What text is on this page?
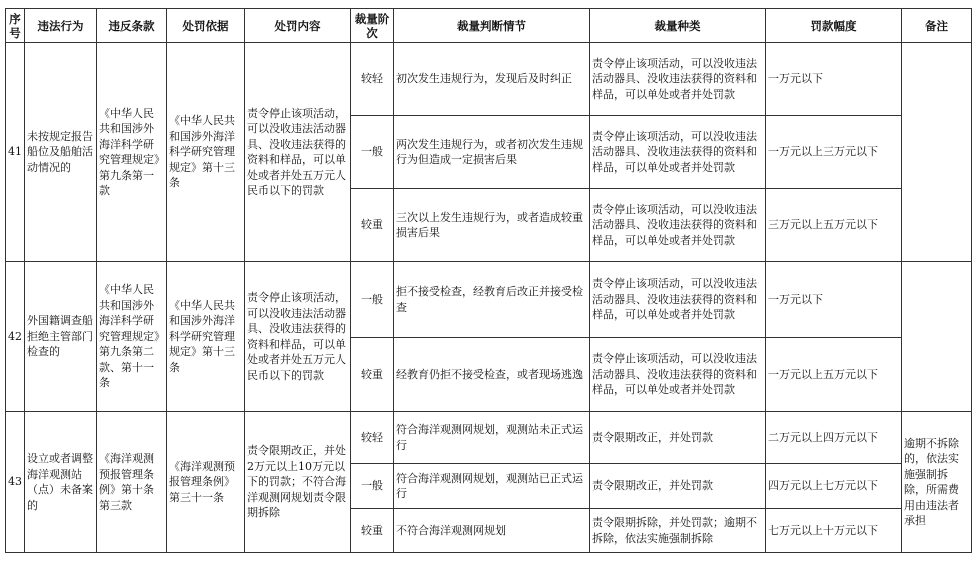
序号	违法行为	违反条款	处罚依据	处罚内容	裁量阶次	裁量判断情节	裁量种类	罚款幅度	备注
41	未按规定报告船位及船舶活动情况的	《中华人民共和国涉外海洋科学研究管理规定》第九条第一款	《中华人民共和国涉外海洋科学研究管理规定》第十三条	责令停止该项活动，可以没收违法活动器具、没收违法获得的资料和样品，可以单处或者并处五万元人民币以下的罚款	较轻	初次发生违规行为，发现后及时纠正	责令停止该项活动，可以没收违法活动器具、没收违法获得的资料和样品，可以单处或者并处罚款	一万元以下	
					一般	两次发生违规行为，或者初次发生违规行为但造成一定损害后果	责令停止该项活动，可以没收违法活动器具、没收违法获得的资料和样品，可以单处或者并处罚款	一万元以上三万元以下	
					较重	三次以上发生违规行为，或者造成较重损害后果	责令停止该项活动，可以没收违法活动器具、没收违法获得的资料和样品，可以单处或者并处罚款	三万元以上五万元以下	
42	外国籍调查船拒绝主管部门检查的	《中华人民共和国涉外海洋科学研究管理规定》第九条第二款、第十一条	《中华人民共和国涉外海洋科学研究管理规定》第十三条	责令停止该项活动，可以没收违法活动器具、没收违法获得的资料和样品，可以单处或者并处五万元人民币以下的罚款	一般	拒不接受检查，经教育后改正并接受检查	责令停止该项活动，可以没收违法活动器具、没收违法获得的资料和样品，可以单处或者并处罚款	一万元以下	
					较重	经教育仍拒不接受检查，或者现场逃逸	责令停止该项活动，可以没收违法活动器具、没收违法获得的资料和样品，可以单处或者并处罚款	一万元以上五万元以下	
43	设立或者调整海洋观测站（点）未备案的	《海洋观测预报管理条例》第十条第三款	《海洋观测预报管理条例》第三十一条	责令限期改正，并处2万元以上10万元以下的罚款；不符合海洋观测网规划责令限期拆除	较轻	符合海洋观测网规划，观测站未正式运行	责令限期改正，并处罚款	二万元以上四万元以下	逾期不拆除的，依法实施强制拆除，所需费用由违法者承担
					一般	符合海洋观测网规划，观测站已正式运行	责令限期改正，并处罚款	四万元以上七万元以下	
					较重	不符合海洋观测网规划	责令限期拆除，并处罚款；逾期不拆除，依法实施强制拆除	七万元以上十万元以下	
